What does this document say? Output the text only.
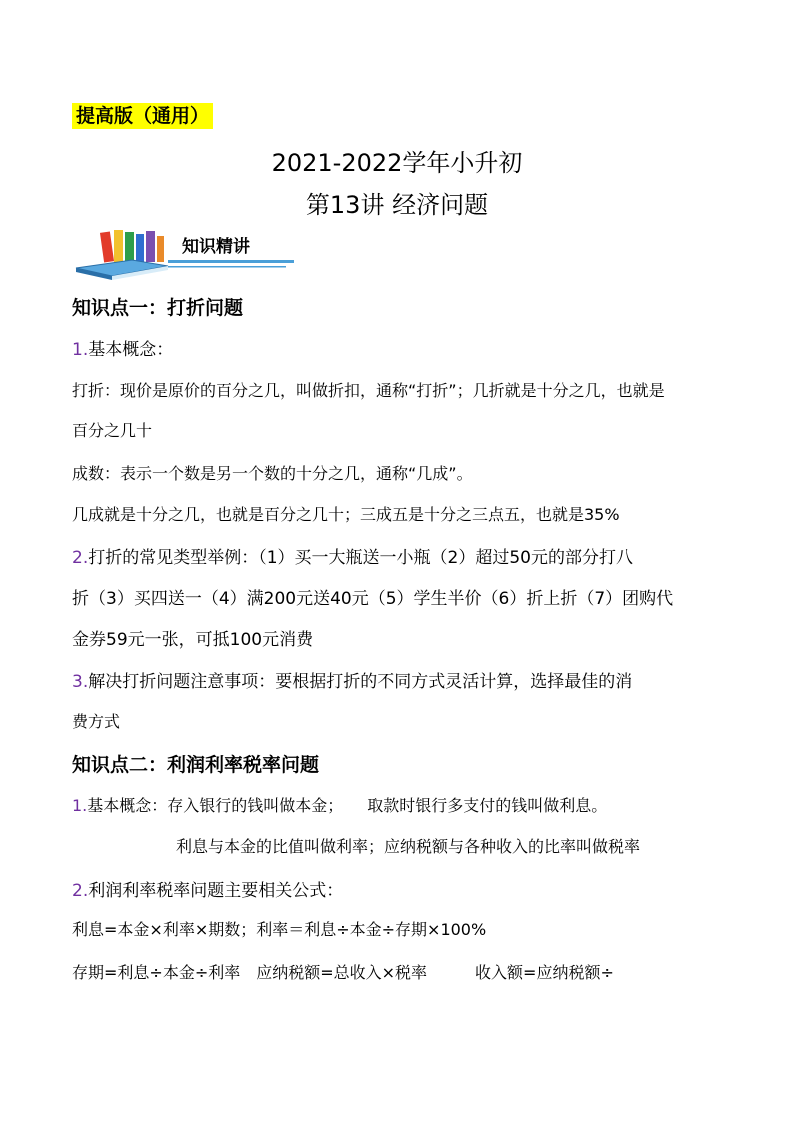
提高版（通用）
2021-2022学年小升初
第13讲 经济问题
知识精讲
知识点一：打折问题
1.基本概念：
打折：现价是原价的百分之几，叫做折扣，通称“打折”；几折就是十分之几，也就是
百分之几十
成数：表示一个数是另一个数的十分之几，通称“几成”。
几成就是十分之几，也就是百分之几十；三成五是十分之三点五，也就是35%
2.打折的常见类型举例：（1）买一大瓶送一小瓶（2）超过50元的部分打八
折（3）买四送一（4）满200元送40元（5）学生半价（6）折上折（7）团购代
金券59元一张，可抵100元消费
3.解决打折问题注意事项：要根据打折的不同方式灵活计算，选择最佳的消
费方式
知识点二：利润利率税率问题
1.基本概念：存入银行的钱叫做本金；　　取款时银行多支付的钱叫做利息。
利息与本金的比值叫做利率；应纳税额与各种收入的比率叫做税率
2.利润利率税率问题主要相关公式：
利息=本金×利率×期数；利率＝利息÷本金÷存期×100%
存期=利息÷本金÷利率　应纳税额=总收入×税率　　　收入额=应纳税额÷
